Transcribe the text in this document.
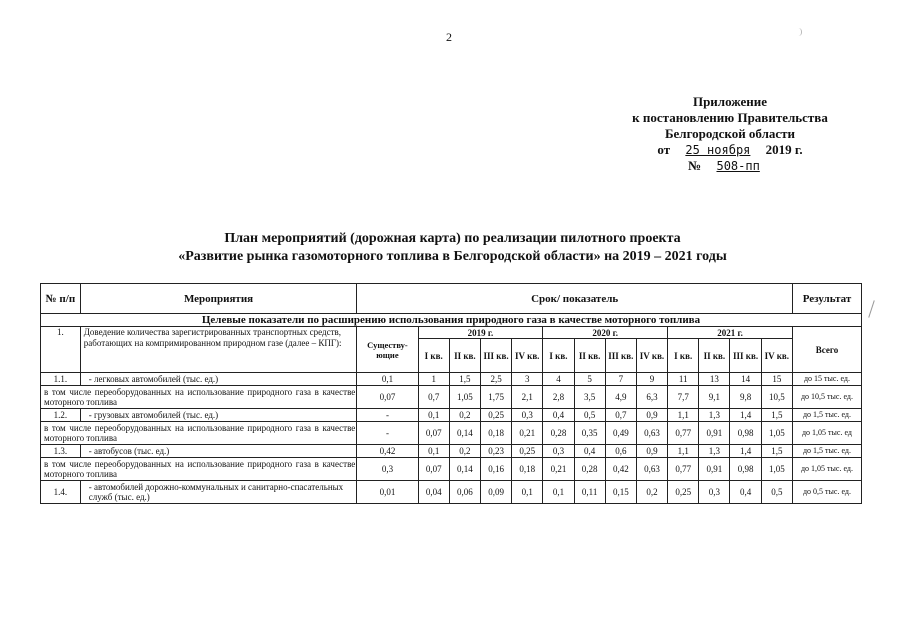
2
Приложение
к постановлению Правительства
Белгородской области
от 25 ноября 2019 г.
№ 508-пп
План мероприятий (дорожная карта) по реализации пилотного проекта
«Развитие рынка газомоторного топлива в Белгородской области» на 2019 – 2021 годы
№ п/п	Мероприятия	Срок/ показатель													Результат
Целевые показатели по расширению использования природного газа в качестве моторного топлива															
1.	Доведение количества зарегистрированных транспортных средств, работающих на компримированном природном газе (далее – КПГ):	Существу-ющие	2019 г.				2020 г.				2021 г.				Всего
			I кв.	II кв.	III кв.	IV кв.	I кв.	II кв.	III кв.	IV кв.	I кв.	II кв.	III кв.	IV кв.	
1.1.	- легковых автомобилей (тыс. ед.)	0,1	1	1,5	2,5	3	4	5	7	9	11	13	14	15	до 15 тыс. ед.
в том числе переоборудованных на использование природного газа в качестве моторного топлива		0,07	0,7	1,05	1,75	2,1	2,8	3,5	4,9	6,3	7,7	9,1	9,8	10,5	до 10,5 тыс. ед.
1.2.	- грузовых автомобилей (тыс. ед.)	-	0,1	0,2	0,25	0,3	0,4	0,5	0,7	0,9	1,1	1,3	1,4	1,5	до 1,5 тыс. ед.
в том числе переоборудованных на использование природного газа в качестве моторного топлива		-	0,07	0,14	0,18	0,21	0,28	0,35	0,49	0,63	0,77	0,91	0,98	1,05	до 1,05 тыс. ед
1.3.	- автобусов (тыс. ед.)	0,42	0,1	0,2	0,23	0,25	0,3	0,4	0,6	0,9	1,1	1,3	1,4	1,5	до 1,5 тыс. ед.
в том числе переоборудованных на использование природного газа в качестве моторного топлива		0,3	0,07	0,14	0,16	0,18	0,21	0,28	0,42	0,63	0,77	0,91	0,98	1,05	до 1,05 тыс. ед.
1.4.	- автомобилей дорожно-коммунальных и санитарно-спасательных служб (тыс. ед.)	0,01	0,04	0,06	0,09	0,1	0,1	0,11	0,15	0,2	0,25	0,3	0,4	0,5	до 0,5 тыс. ед.
